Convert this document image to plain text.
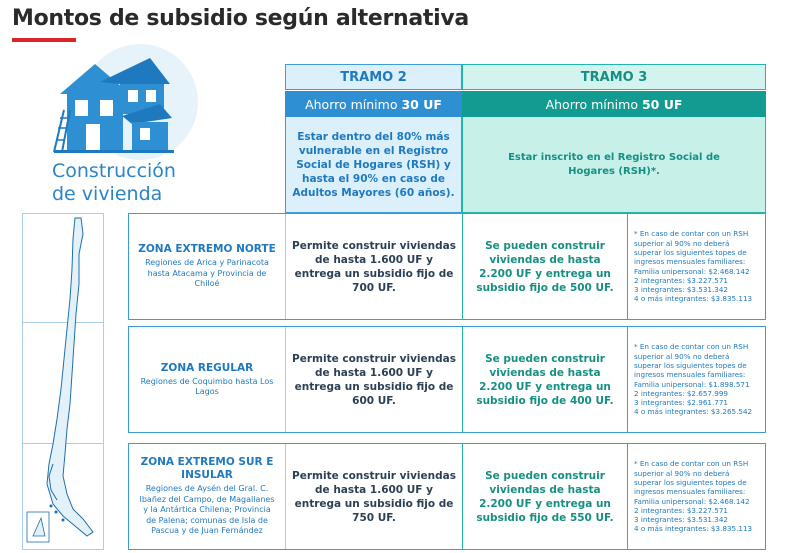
Montos de subsidio según alternativa
Construcción
de vivienda
TRAMO 2	TRAMO 3
Ahorro mínimo
30 UF	Ahorro mínimo
50 UF
Estar dentro del 80% más vulnerable en el Registro Social de Hogares (RSH) y hasta el 90% en caso de Adultos Mayores (60 años).
Estar inscrito en el Registro Social de Hogares (RSH)*.
ZONA EXTREMO NORTE
Regiones de Arica y Parinacota hasta Atacama y Provincia de Chiloé
Permite construir viviendas de hasta 1.600 UF y entrega un subsidio fijo de 700 UF.
Se pueden construir viviendas de hasta 2.200 UF y entrega un subsidio fijo de 500 UF.
* En caso de contar con un RSH
superior al 90% no deberá
superar los siguientes topes de
ingresos mensuales familiares:
Familia unipersonal: $2.468.142
2 integrantes: $3.227.571
3 integrantes: $3.531.342
4 o más integrantes: $3.835.113
ZONA REGULAR
Regiones de Coquimbo hasta Los Lagos
Permite construir viviendas de hasta 1.600 UF y entrega un subsidio fijo de 600 UF.
Se pueden construir viviendas de hasta 2.200 UF y entrega un subsidio fijo de 400 UF.
* En caso de contar con un RSH
superior al 90% no deberá
superar los siguientes topes de
ingresos mensuales familiares:
Familia unipersonal: $1.898.571
2 integrantes: $2.657.999
3 integrantes: $2.961.771
4 o más integrantes: $3.265.542
ZONA EXTREMO SUR E INSULAR
Regiones de Aysén del Gral. C. Ibañez del Campo, de Magallanes y la Antártica Chilena; Provincia de Palena; comunas de Isla de Pascua y de Juan Fernández
Permite construir viviendas de hasta 1.600 UF y entrega un subsidio fijo de 750 UF.
Se pueden construir viviendas de hasta 2.200 UF y entrega un subsidio fijo de 550 UF.
* En caso de contar con un RSH
superior al 90% no deberá
superar los siguientes topes de
ingresos mensuales familiares:
Familia unipersonal: $2.468.142
2 integrantes: $3.227.571
3 integrantes: $3.531.342
4 o más integrantes: $3.835.113
